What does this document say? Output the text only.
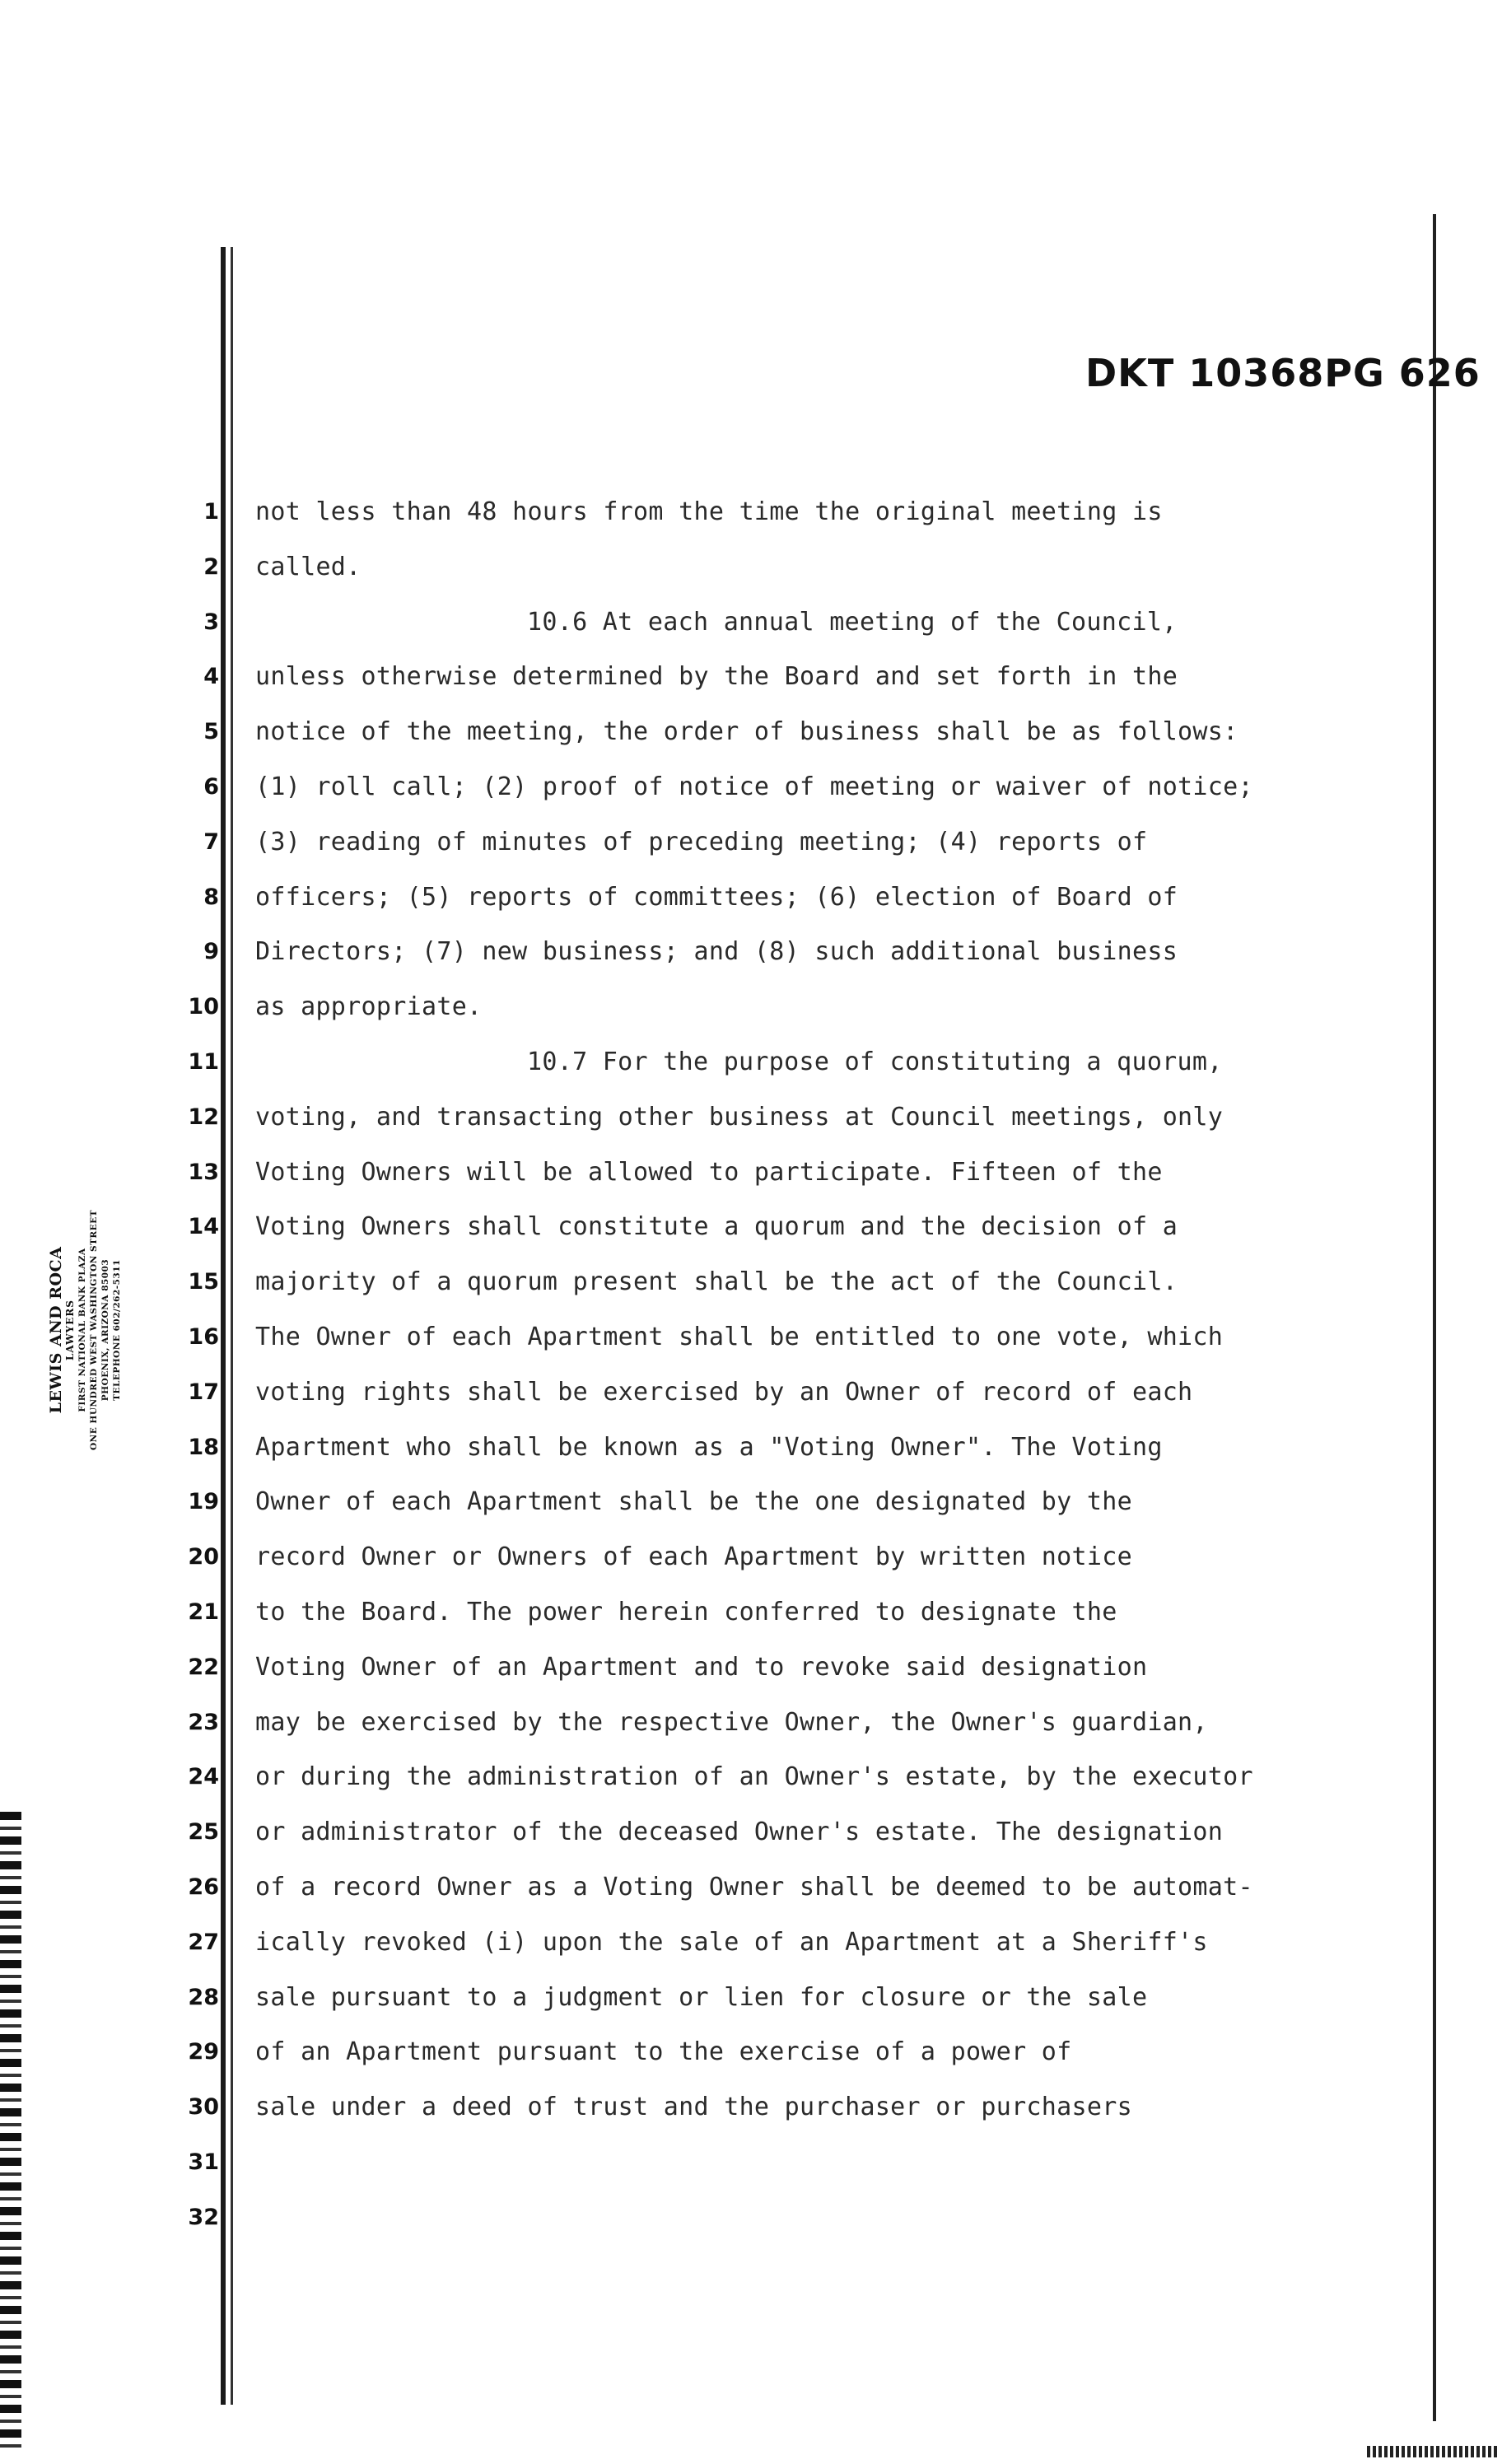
DKT 10368PG 626
LEWIS AND ROCA LAWYERS FIRST NATIONAL BANK PLAZA ONE HUNDRED WEST WASHINGTON STREET PHOENIX, ARIZONA 85003 TELEPHONE 602/262-5311
1 not less than 48 hours from the time the original meeting is
2 called.
3	10.6 At each annual meeting of the Council,
4 unless otherwise determined by the Board and set forth in the
5 notice of the meeting, the order of business shall be as follows:
6 (1) roll call; (2) proof of notice of meeting or waiver of notice;
7 (3) reading of minutes of preceding meeting; (4) reports of
8 officers; (5) reports of committees; (6) election of Board of
9 Directors; (7) new business; and (8) such additional business
10 as appropriate.
11	10.7 For the purpose of constituting a quorum,
12 voting, and transacting other business at Council meetings, only
13 Voting Owners will be allowed to participate. Fifteen of the
14 Voting Owners shall constitute a quorum and the decision of a
15 majority of a quorum present shall be the act of the Council.
16 The Owner of each Apartment shall be entitled to one vote, which
17 voting rights shall be exercised by an Owner of record of each
18 Apartment who shall be known as a "Voting Owner". The Voting
19 Owner of each Apartment shall be the one designated by the
20 record Owner or Owners of each Apartment by written notice
21 to the Board. The power herein conferred to designate the
22 Voting Owner of an Apartment and to revoke said designation
23 may be exercised by the respective Owner, the Owner's guardian,
24 or during the administration of an Owner's estate, by the executor
25 or administrator of the deceased Owner's estate. The designation
26 of a record Owner as a Voting Owner shall be deemed to be automat-
27 ically revoked (i) upon the sale of an Apartment at a Sheriff's
28 sale pursuant to a judgment or lien for closure or the sale
29 of an Apartment pursuant to the exercise of a power of
30 sale under a deed of trust and the purchaser or purchasers
31
32
